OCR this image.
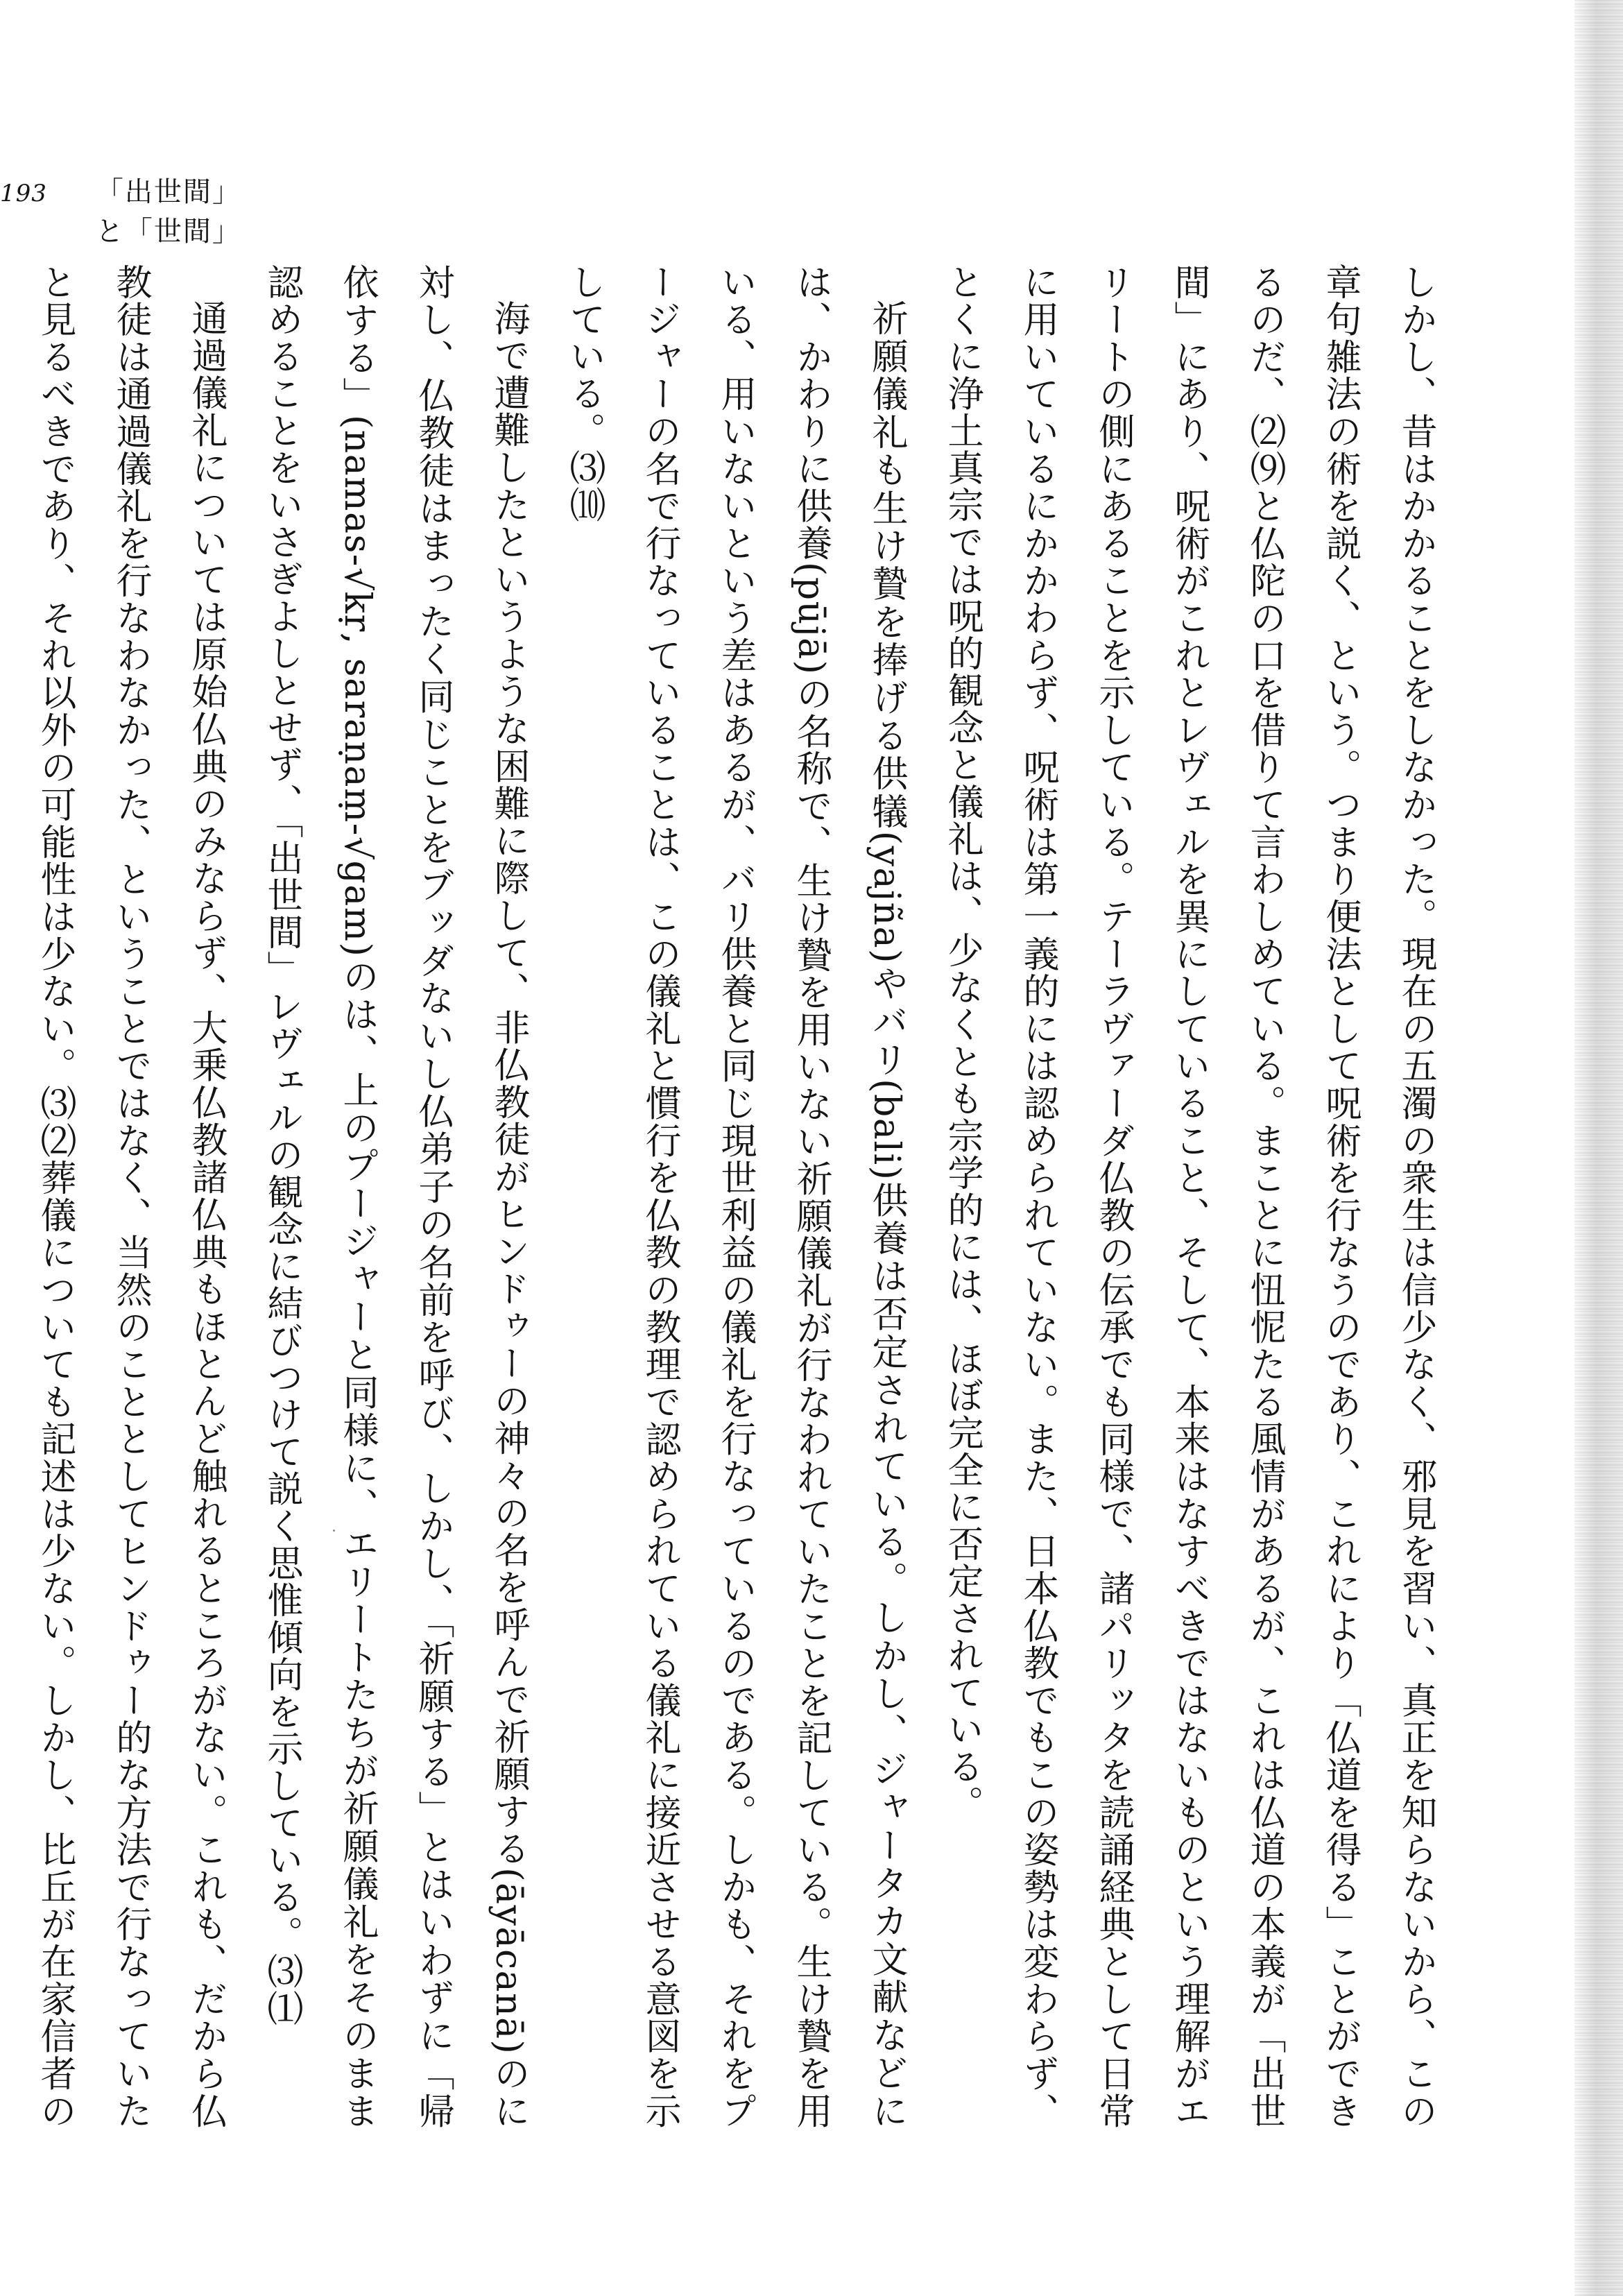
193 「出世間」と「世間」

しかし、昔はかかることをしなかった。現在の五濁の衆生は信少なく、邪見を習い、真正を知らないから、この章句雑法の術を説く、という。つまり便法として呪術を行なうのであり、これにより「仏道を得る」ことができるのだ、⑵⑼と仏陀の口を借りて言わしめている。まことに忸怩たる風情があるが、これは仏道の本義が「出世間」にあり、呪術がこれとレヴェルを異にしていること、そして、本来はなすべきではないものという理解がエリートの側にあることを示している。テーラヴァーダ仏教の伝承でも同様で、諸パリッタを読誦経典として日常に用いているにかかわらず、呪術は第一義的には認められていない。また、日本仏教でもこの姿勢は変わらず、とくに浄土真宗では呪的観念と儀礼は、少なくとも宗学的には、ほぼ完全に否定されている。

祈願儀礼も生け贄を捧げる供犠(yajña)やバリ(bali)供養は否定されている。しかし、ジャータカ文献などには、かわりに供養(pūjā)の名称で、生け贄を用いない祈願儀礼が行なわれていたことを記している。生け贄を用いる、用いないという差はあるが、バリ供養と同じ現世利益の儀礼を行なっているのである。しかも、それをプージャーの名で行なっていることは、この儀礼と慣行を仏教の教理で認められている儀礼に接近させる意図を示している。⑶⑽

海で遭難したというような困難に際して、非仏教徒がヒンドゥーの神々の名を呼んで祈願する(āyācanā)のに対し、仏教徒はまったく同じことをブッダないし仏弟子の名前を呼び、しかし、「祈願する」とはいわずに「帰依する」(namas-√kṛ, saraṇaṃ-√gam)のは、上のプージャーと同様に、エリートたちが祈願儀礼をそのまま認めることをいさぎよしとせず、「出世間」レヴェルの観念に結びつけて説く思惟傾向を示している。⑶⑴

通過儀礼については原始仏典のみならず、大乗仏教諸仏典もほとんど触れるところがない。これも、だから仏教徒は通過儀礼を行なわなかった、ということではなく、当然のこととしてヒンドゥー的な方法で行なっていたと見るべきであり、それ以外の可能性は少ない。⑶⑵葬儀についても記述は少ない。しかし、比丘が在家信者の
